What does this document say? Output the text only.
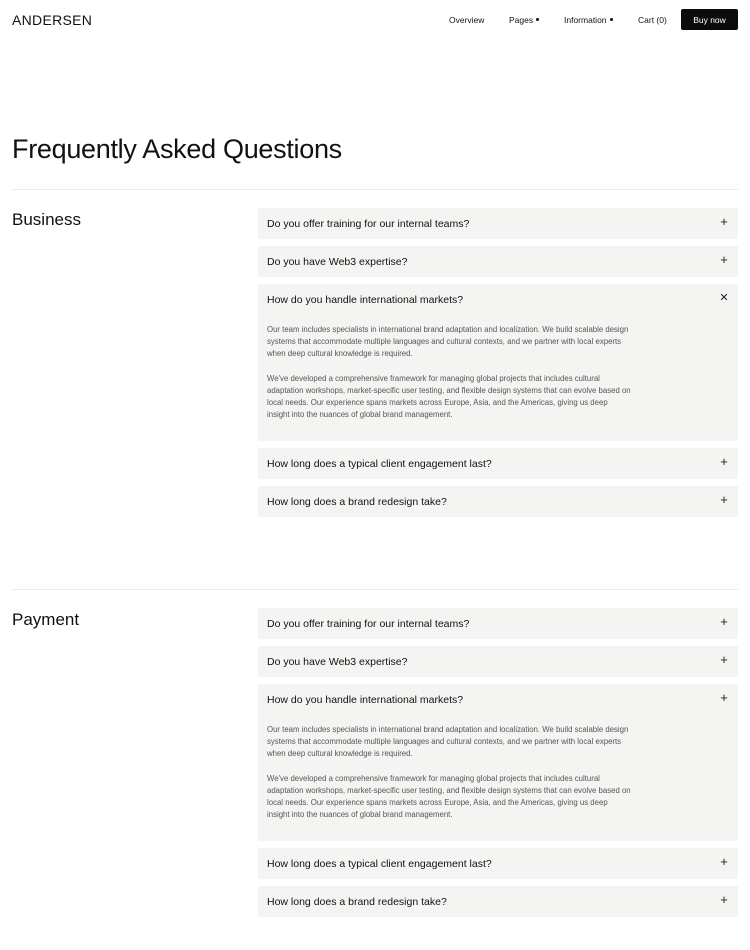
ANDERSEN	Overview	Pages	Information	Cart (0)	Buy now
Frequently Asked Questions
Business	Do you offer training for our internal teams?	+
Do you have Web3 expertise?	+
How do you handle international markets?	✕

Our team includes specialists in international brand adaptation and localization. We build scalable design systems that accommodate multiple languages and cultural contexts, and we partner with local experts when deep cultural knowledge is required.

We've developed a comprehensive framework for managing global projects that includes cultural adaptation workshops, market-specific user testing, and flexible design systems that can evolve based on local needs. Our experience spans markets across Europe, Asia, and the Americas, giving us deep insight into the nuances of global brand management.

How long does a typical client engagement last?	+
How long does a brand redesign take?	+
Payment	Do you offer training for our internal teams?	+
Do you have Web3 expertise?	+
How do you handle international markets?	+

Our team includes specialists in international brand adaptation and localization. We build scalable design systems that accommodate multiple languages and cultural contexts, and we partner with local experts when deep cultural knowledge is required.

We've developed a comprehensive framework for managing global projects that includes cultural adaptation workshops, market-specific user testing, and flexible design systems that can evolve based on local needs. Our experience spans markets across Europe, Asia, and the Americas, giving us deep insight into the nuances of global brand management.

How long does a typical client engagement last?	+
How long does a brand redesign take?	+
